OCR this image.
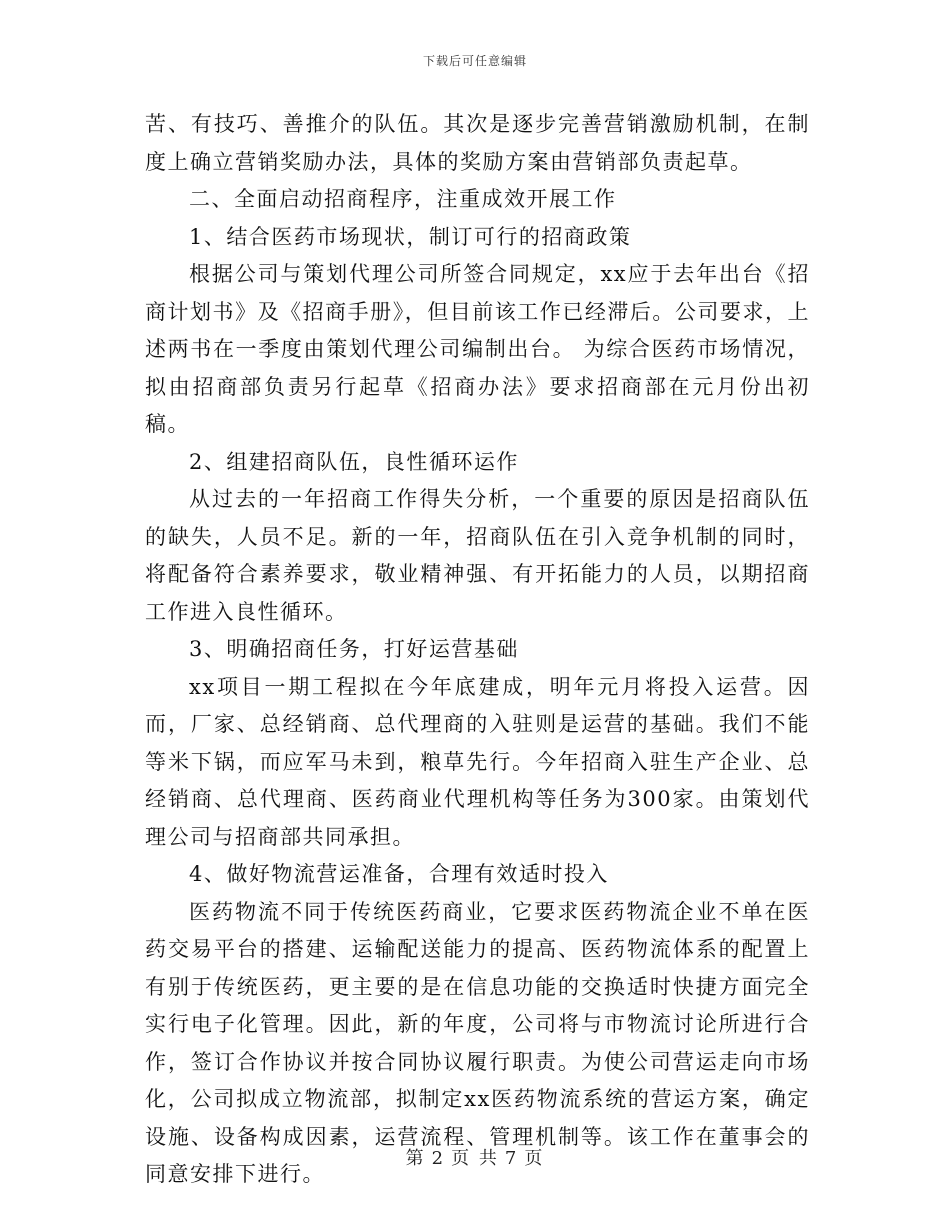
下载后可任意编辑

苦、有技巧、善推介的队伍。其次是逐步完善营销激励机制，在制度上确立营销奖励办法，具体的奖励方案由营销部负责起草。

二、全面启动招商程序，注重成效开展工作

1、结合医药市场现状，制订可行的招商政策

根据公司与策划代理公司所签合同规定，xx应于去年出台《招商计划书》及《招商手册》，但目前该工作已经滞后。公司要求，上述两书在一季度由策划代理公司编制出台。 为综合医药市场情况，拟由招商部负责另行起草《招商办法》要求招商部在元月份出初稿。

2、组建招商队伍，良性循环运作

从过去的一年招商工作得失分析，一个重要的原因是招商队伍的缺失，人员不足。新的一年，招商队伍在引入竞争机制的同时，将配备符合素养要求，敬业精神强、有开拓能力的人员，以期招商工作进入良性循环。

3、明确招商任务，打好运营基础

xx项目一期工程拟在今年底建成，明年元月将投入运营。因而，厂家、总经销商、总代理商的入驻则是运营的基础。我们不能等米下锅，而应军马未到，粮草先行。今年招商入驻生产企业、总经销商、总代理商、医药商业代理机构等任务为300家。由策划代理公司与招商部共同承担。

4、做好物流营运准备，合理有效适时投入

医药物流不同于传统医药商业，它要求医药物流企业不单在医药交易平台的搭建、运输配送能力的提高、医药物流体系的配置上有别于传统医药，更主要的是在信息功能的交换适时快捷方面完全实行电子化管理。因此，新的年度，公司将与市物流讨论所进行合作，签订合作协议并按合同协议履行职责。为使公司营运走向市场化，公司拟成立物流部，拟制定xx医药物流系统的营运方案，确定设施、设备构成因素，运营流程、管理机制等。该工作在董事会的同意安排下进行。

第 2 页 共 7 页
